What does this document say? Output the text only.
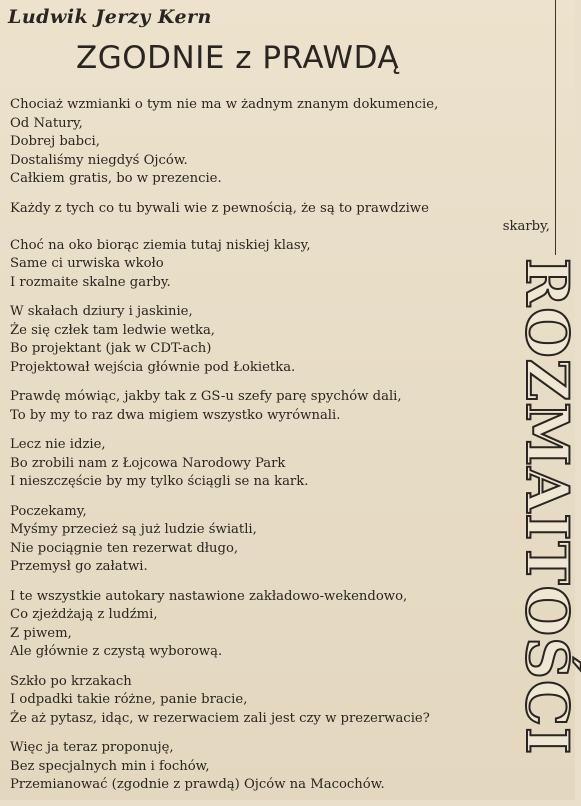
Ludwik Jerzy Kern
ZGODNIE z PRAWDĄ
Chociaż wzmianki o tym nie ma w żadnym znanym dokumencie,
Od Natury,
Dobrej babci,
Dostaliśmy niegdyś Ojców.
Całkiem gratis, bo w prezencie.
Każdy z tych co tu bywali wie z pewnością, że są to prawdziwe
skarby,
Choć na oko biorąc ziemia tutaj niskiej klasy,
Same ci urwiska wkoło
I rozmaite skalne garby.
W skałach dziury i jaskinie,
Że się człek tam ledwie wetka,
Bo projektant (jak w CDT-ach)
Projektował wejścia głównie pod Łokietka.
Prawdę mówiąc, jakby tak z GS-u szefy parę spychów dali,
To by my to raz dwa migiem wszystko wyrównali.
Lecz nie idzie,
Bo zrobili nam z Łojcowa Narodowy Park
I nieszczęście by my tylko ściągli se na kark.
Poczekamy,
Myśmy przecież są już ludzie światli,
Nie pociągnie ten rezerwat długo,
Przemysł go załatwi.
I te wszystkie autokary nastawione zakładowo-wekendowo,
Co zjeżdżają z ludźmi,
Z piwem,
Ale głównie z czystą wyborową.
Szkło po krzakach
I odpadki takie różne, panie bracie,
Że aż pytasz, idąc, w rezerwaciem zali jest czy w prezerwacie?
Więc ja teraz proponuję,
Bez specjalnych min i fochów,
Przemianować (zgodnie z prawdą) Ojców na Macochów.
ROZMAITOŚCI
